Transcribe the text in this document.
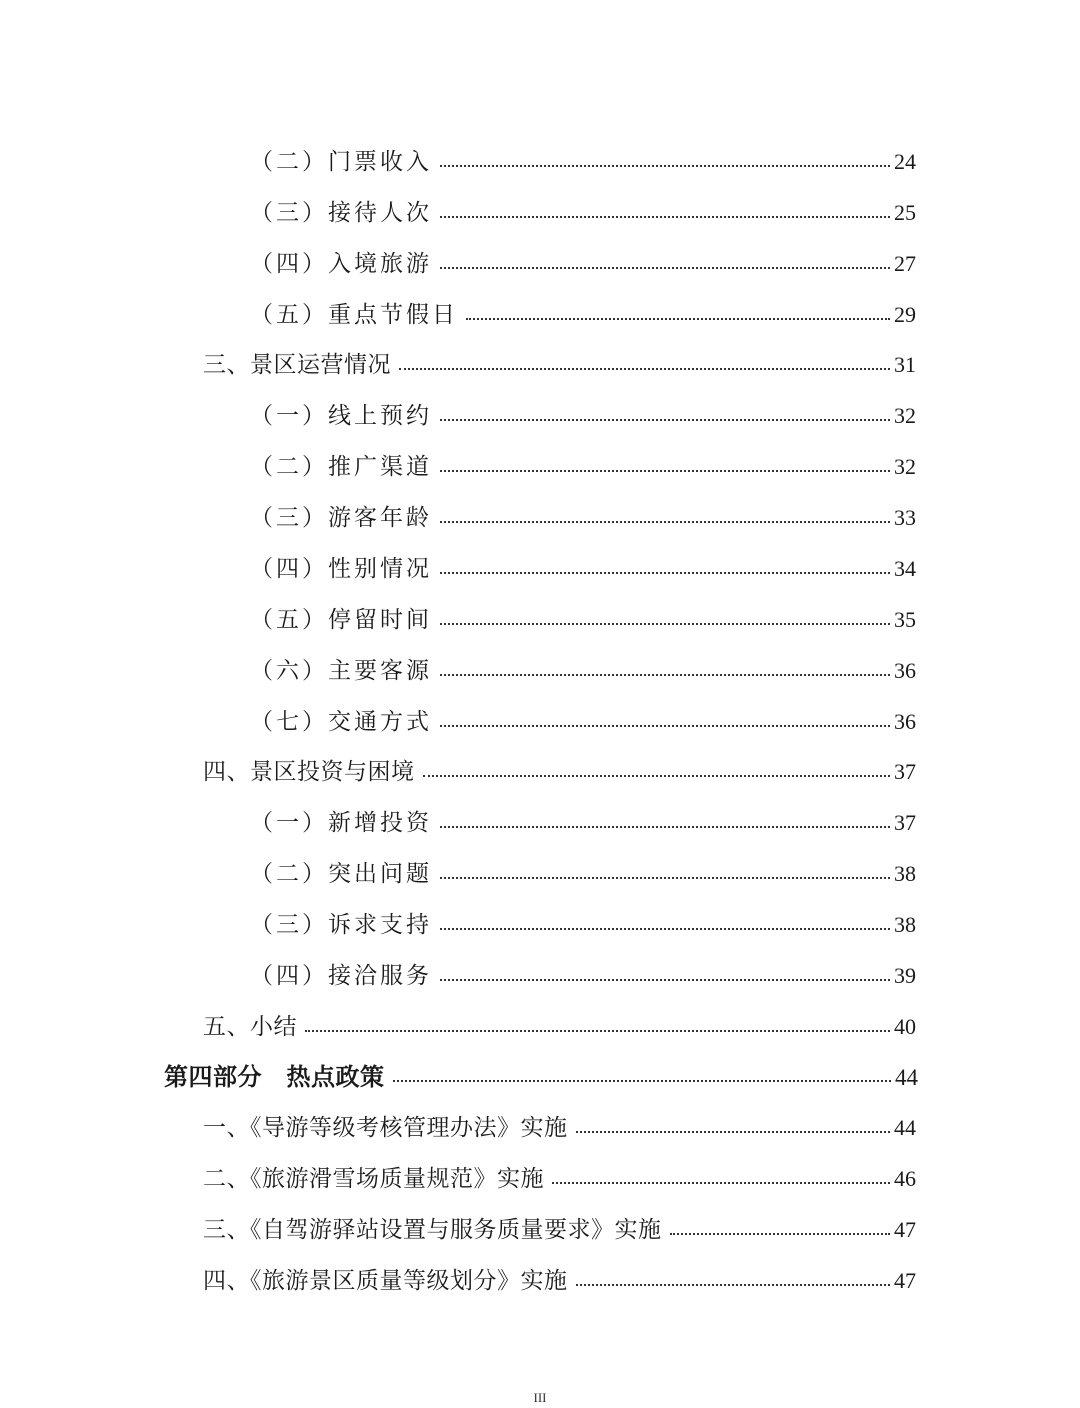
（二）门票收入	24
（三）接待人次	25
（四）入境旅游	27
（五）重点节假日	29
三、景区运营情况	31
（一）线上预约	32
（二）推广渠道	32
（三）游客年龄	33
（四）性别情况	34
（五）停留时间	35
（六）主要客源	36
（七）交通方式	36
四、景区投资与困境	37
（一）新增投资	37
（二）突出问题	38
（三）诉求支持	38
（四）接洽服务	39
五、小结	40
第四部分　热点政策	44
一、《导游等级考核管理办法》实施	44
二、《旅游滑雪场质量规范》实施	46
三、《自驾游驿站设置与服务质量要求》实施	47
四、《旅游景区质量等级划分》实施	47
III
